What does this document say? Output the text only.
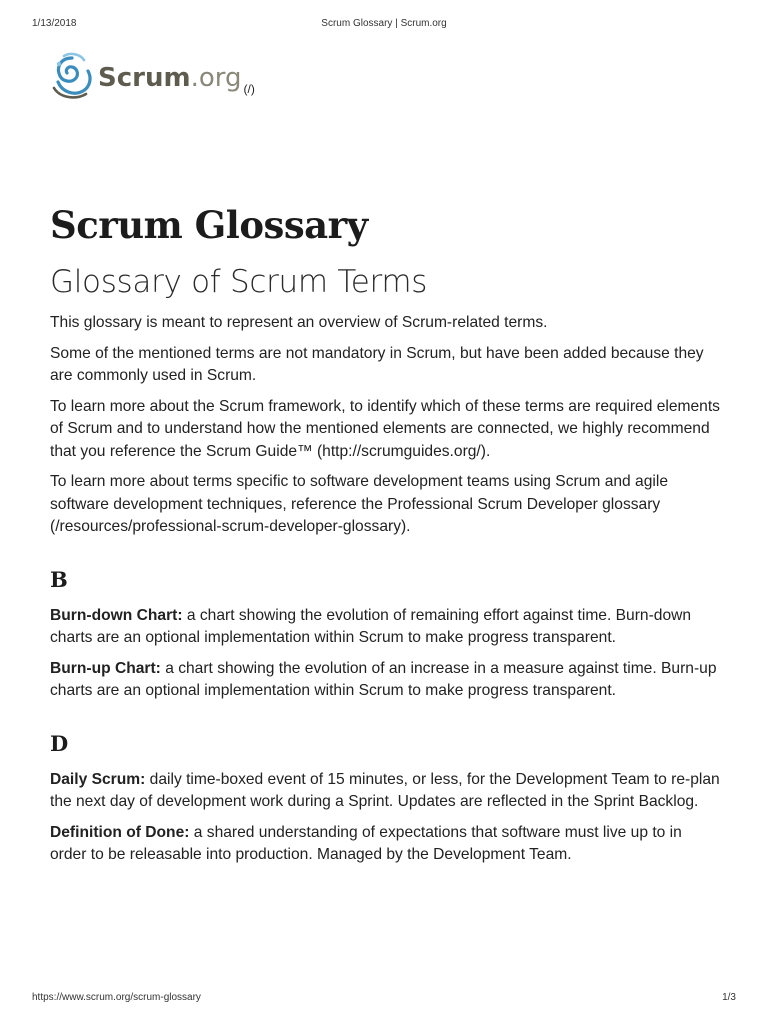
1/13/2018	Scrum Glossary | Scrum.org
Scrum.org (/)
Scrum Glossary
Glossary of Scrum Terms

This glossary is meant to represent an overview of Scrum-related terms.

Some of the mentioned terms are not mandatory in Scrum, but have been added because they are commonly used in Scrum.

To learn more about the Scrum framework, to identify which of these terms are required elements of Scrum and to understand how the mentioned elements are connected, we highly recommend that you reference the Scrum Guide™ (http://scrumguides.org/).

To learn more about terms specific to software development teams using Scrum and agile software development techniques, reference the Professional Scrum Developer glossary (/resources/professional-scrum-developer-glossary).

B

Burn-down Chart: a chart showing the evolution of remaining effort against time. Burn-down charts are an optional implementation within Scrum to make progress transparent.

Burn-up Chart: a chart showing the evolution of an increase in a measure against time. Burn-up charts are an optional implementation within Scrum to make progress transparent.

D

Daily Scrum: daily time-boxed event of 15 minutes, or less, for the Development Team to re-plan the next day of development work during a Sprint. Updates are reflected in the Sprint Backlog.

Definition of Done: a shared understanding of expectations that software must live up to in order to be releasable into production. Managed by the Development Team.

https://www.scrum.org/scrum-glossary	1/3
